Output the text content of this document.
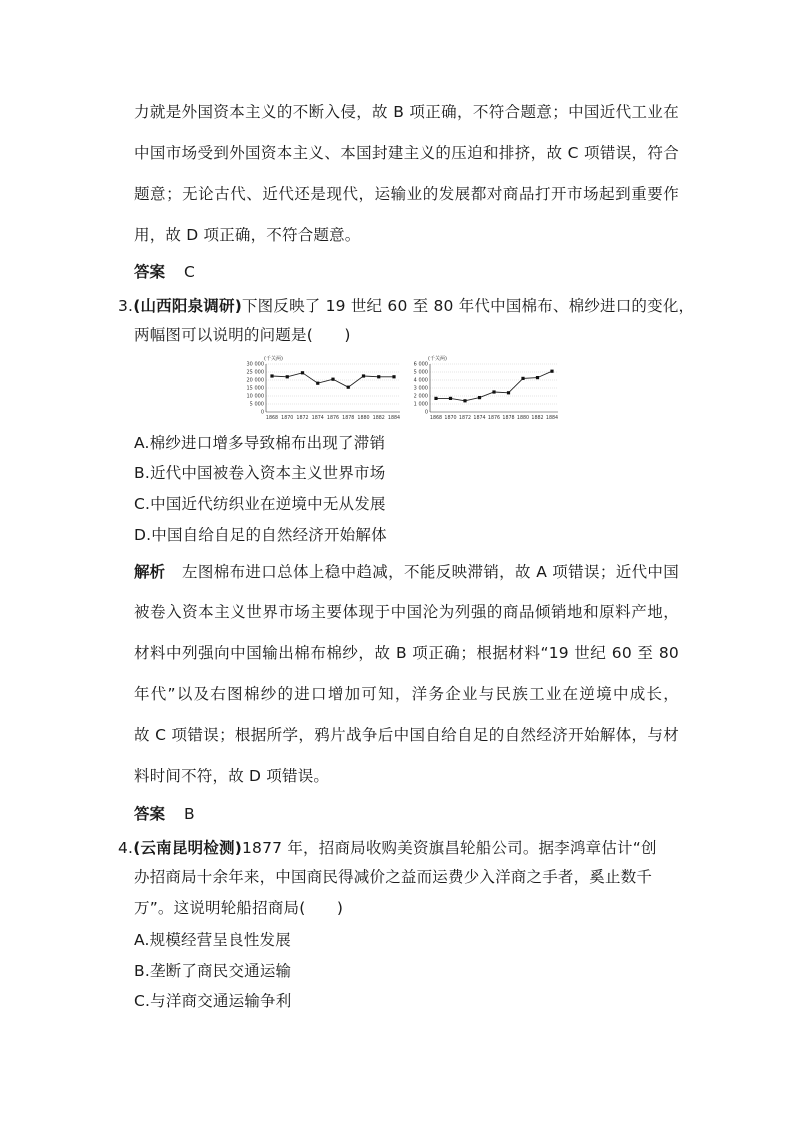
力就是外国资本主义的不断入侵，故 B 项正确，不符合题意；中国近代工业在
中国市场受到外国资本主义、本国封建主义的压迫和排挤，故 C 项错误，符合
题意；无论古代、近代还是现代，运输业的发展都对商品打开市场起到重要作
用，故 D 项正确，不符合题意。
答案 C
3.(山西阳泉调研)下图反映了 19 世纪 60 至 80 年代中国棉布、棉纱进口的变化，
两幅图可以说明的问题是(　　)
(千关两)
0
5 000
10 000
15 000
20 000
25 000
30 000
1868 1870 1872 1874 1876 1878 1880 1882 1884
(千关两)
0
1 000
2 000
3 000
4 000
5 000
6 000
1868 1870 1872 1874 1876 1878 1880 1882 1884
A.棉纱进口增多导致棉布出现了滞销
B.近代中国被卷入资本主义世界市场
C.中国近代纺织业在逆境中无从发展
D.中国自给自足的自然经济开始解体
解析 左图棉布进口总体上稳中趋减，不能反映滞销，故 A 项错误；近代中国
被卷入资本主义世界市场主要体现于中国沦为列强的商品倾销地和原料产地，
材料中列强向中国输出棉布棉纱，故 B 项正确；根据材料“19 世纪 60 至 80
年代”以及右图棉纱的进口增加可知，洋务企业与民族工业在逆境中成长，
故 C 项错误；根据所学，鸦片战争后中国自给自足的自然经济开始解体，与材
料时间不符，故 D 项错误。
答案 B
4.(云南昆明检测)1877 年，招商局收购美资旗昌轮船公司。据李鸿章估计“创
办招商局十余年来，中国商民得减价之益而运费少入洋商之手者，奚止数千
万”。这说明轮船招商局(　　)
A.规模经营呈良性发展
B.垄断了商民交通运输
C.与洋商交通运输争利
